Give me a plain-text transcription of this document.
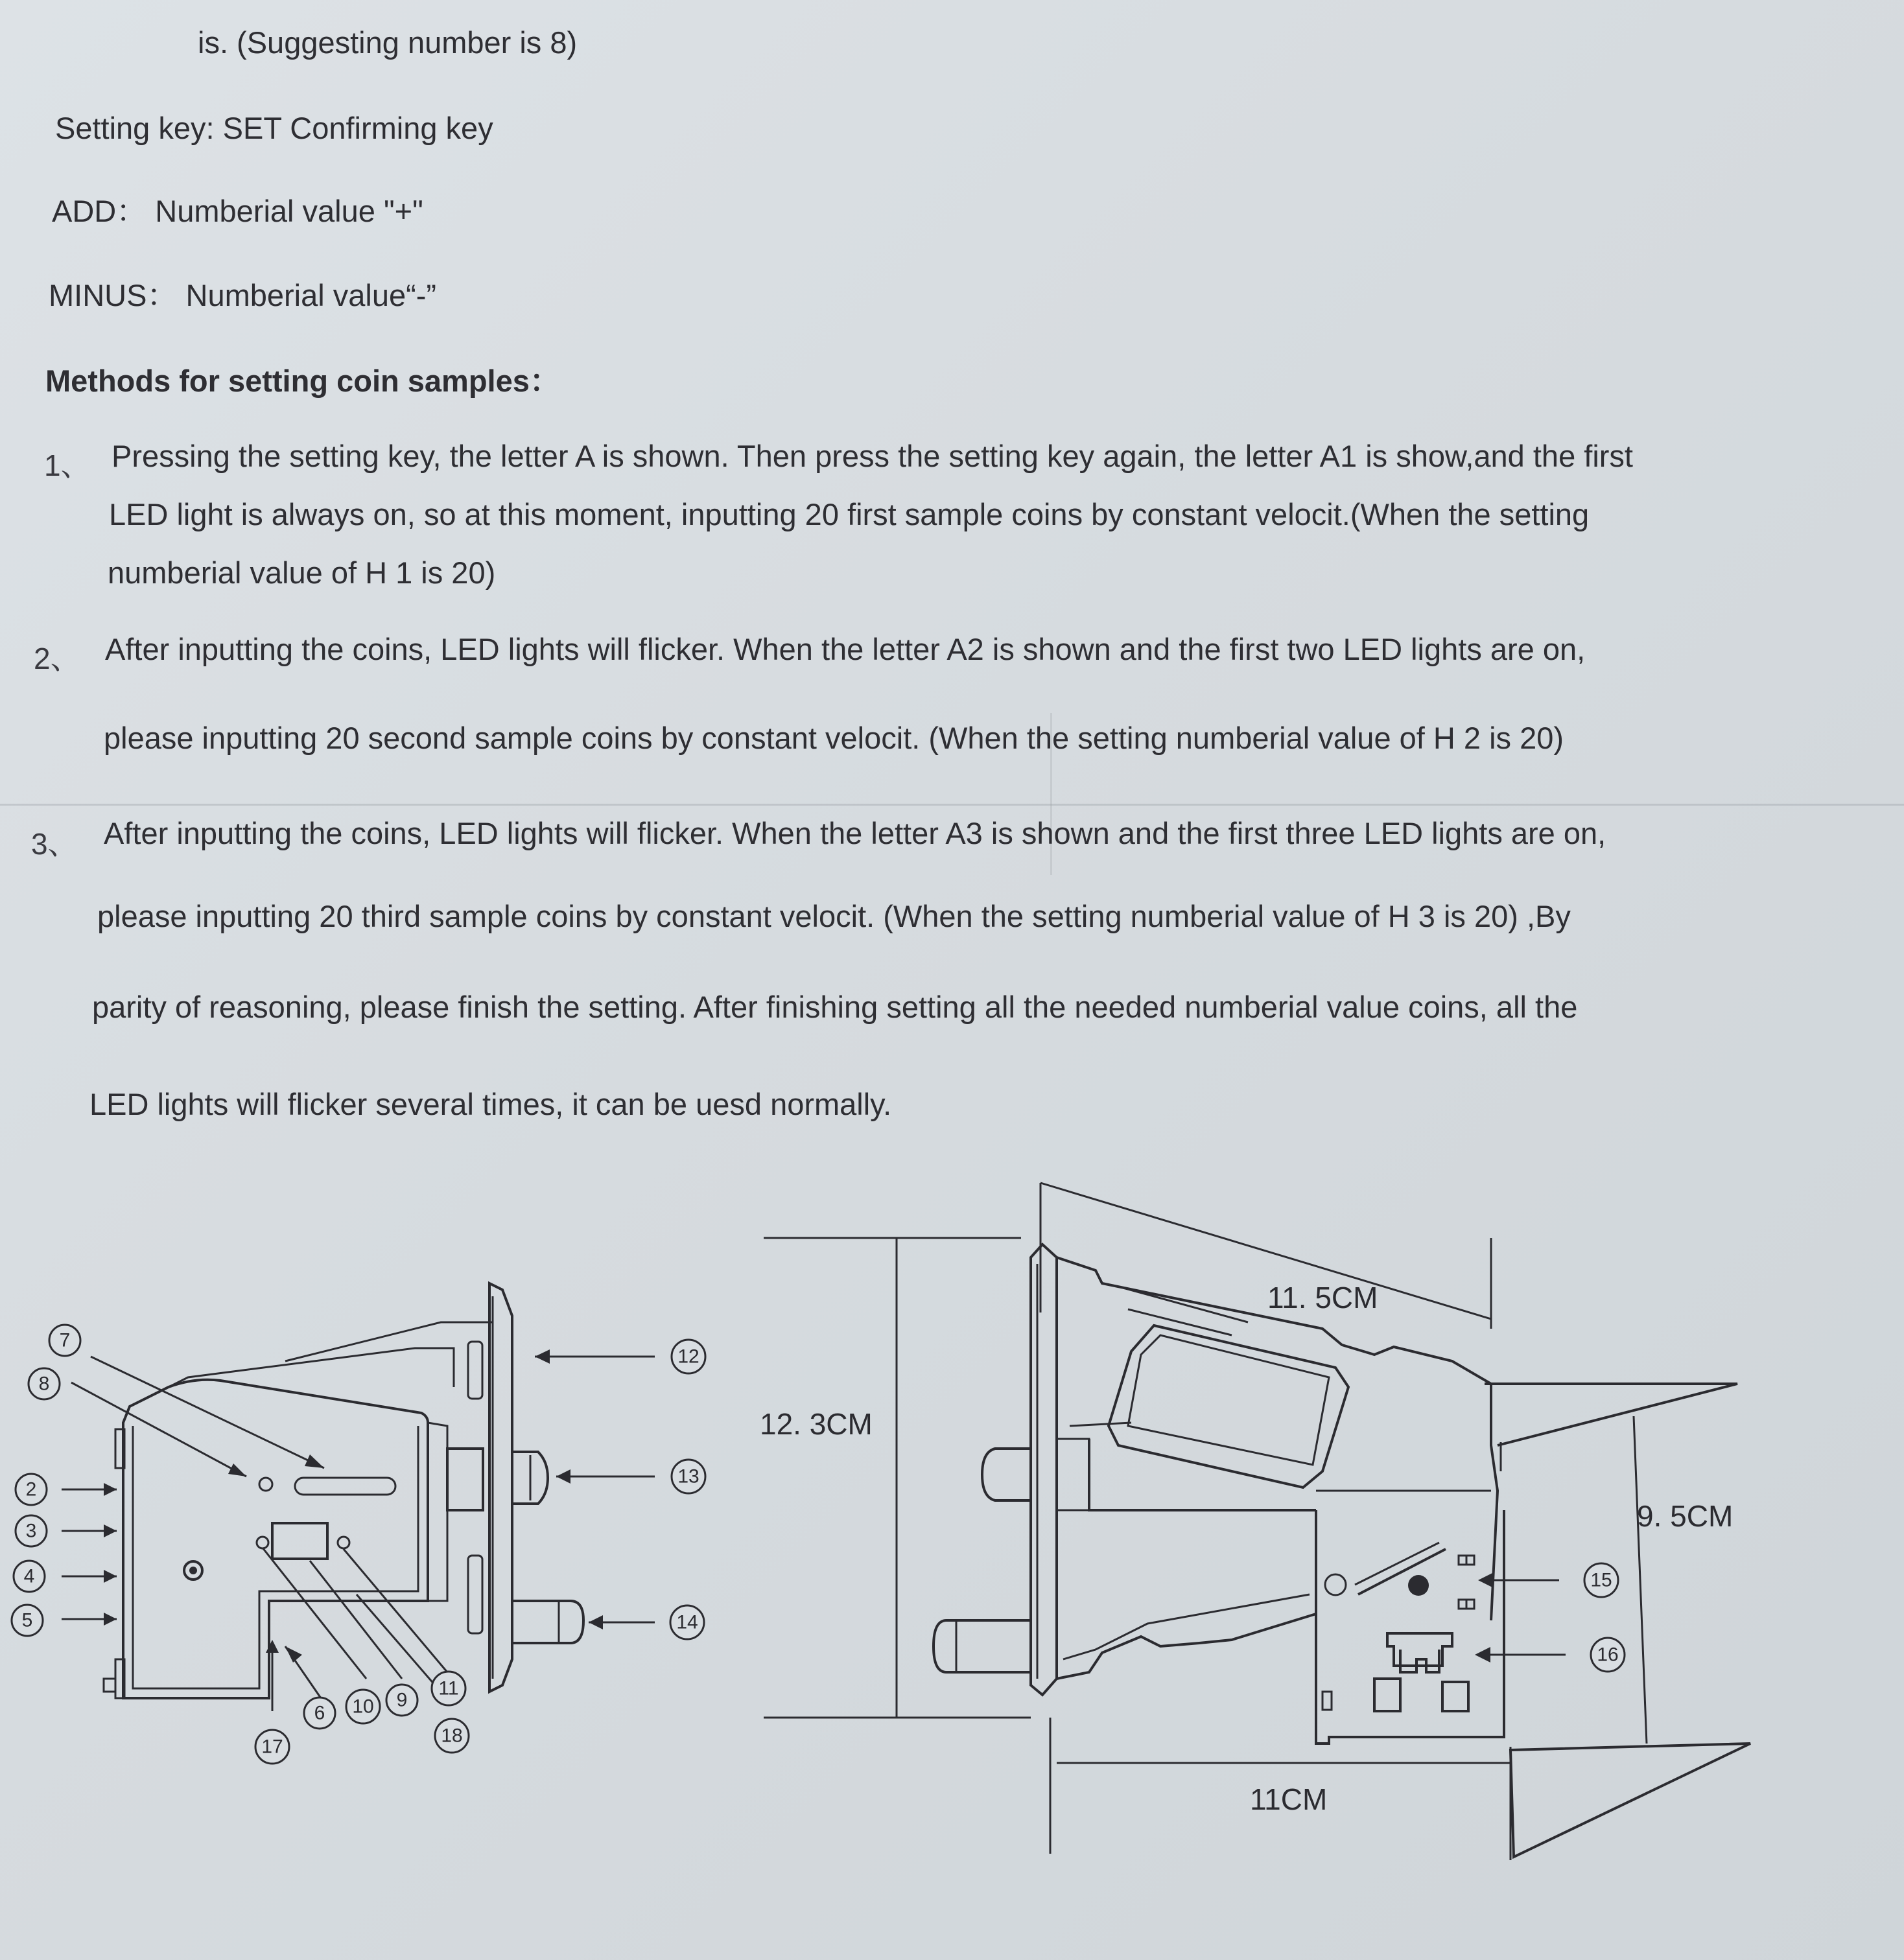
is. (Suggesting number is 8)
Setting key: SET Confirming key
ADD： Numberial value "+"
MINUS： Numberial value“-”
Methods for setting coin samples：
1、 Pressing the setting key, the letter A is shown. Then press the setting key again, the letter A1 is show,and the first
LED light is always on, so at this moment, inputting 20 first sample coins by constant velocit.(When the setting
numberial value of H 1 is 20)
2、 After inputting the coins, LED lights will flicker. When the letter A2 is shown and the first two LED lights are on,
please inputting 20 second sample coins by constant velocit. (When the setting numberial value of H 2 is 20)
3、 After inputting the coins, LED lights will flicker. When the letter A3 is shown and the first three LED lights are on,
please inputting 20 third sample coins by constant velocit. (When the setting numberial value of H 3 is 20) ,By
parity of reasoning, please finish the setting. After finishing setting all the needed numberial value coins, all the
LED lights will flicker several times, it can be uesd normally.
7
8
2
3
4
5
12
13
14
6 10 9
11
18
17
11. 5CM
12. 3CM
9. 5CM
11CM
15
16
